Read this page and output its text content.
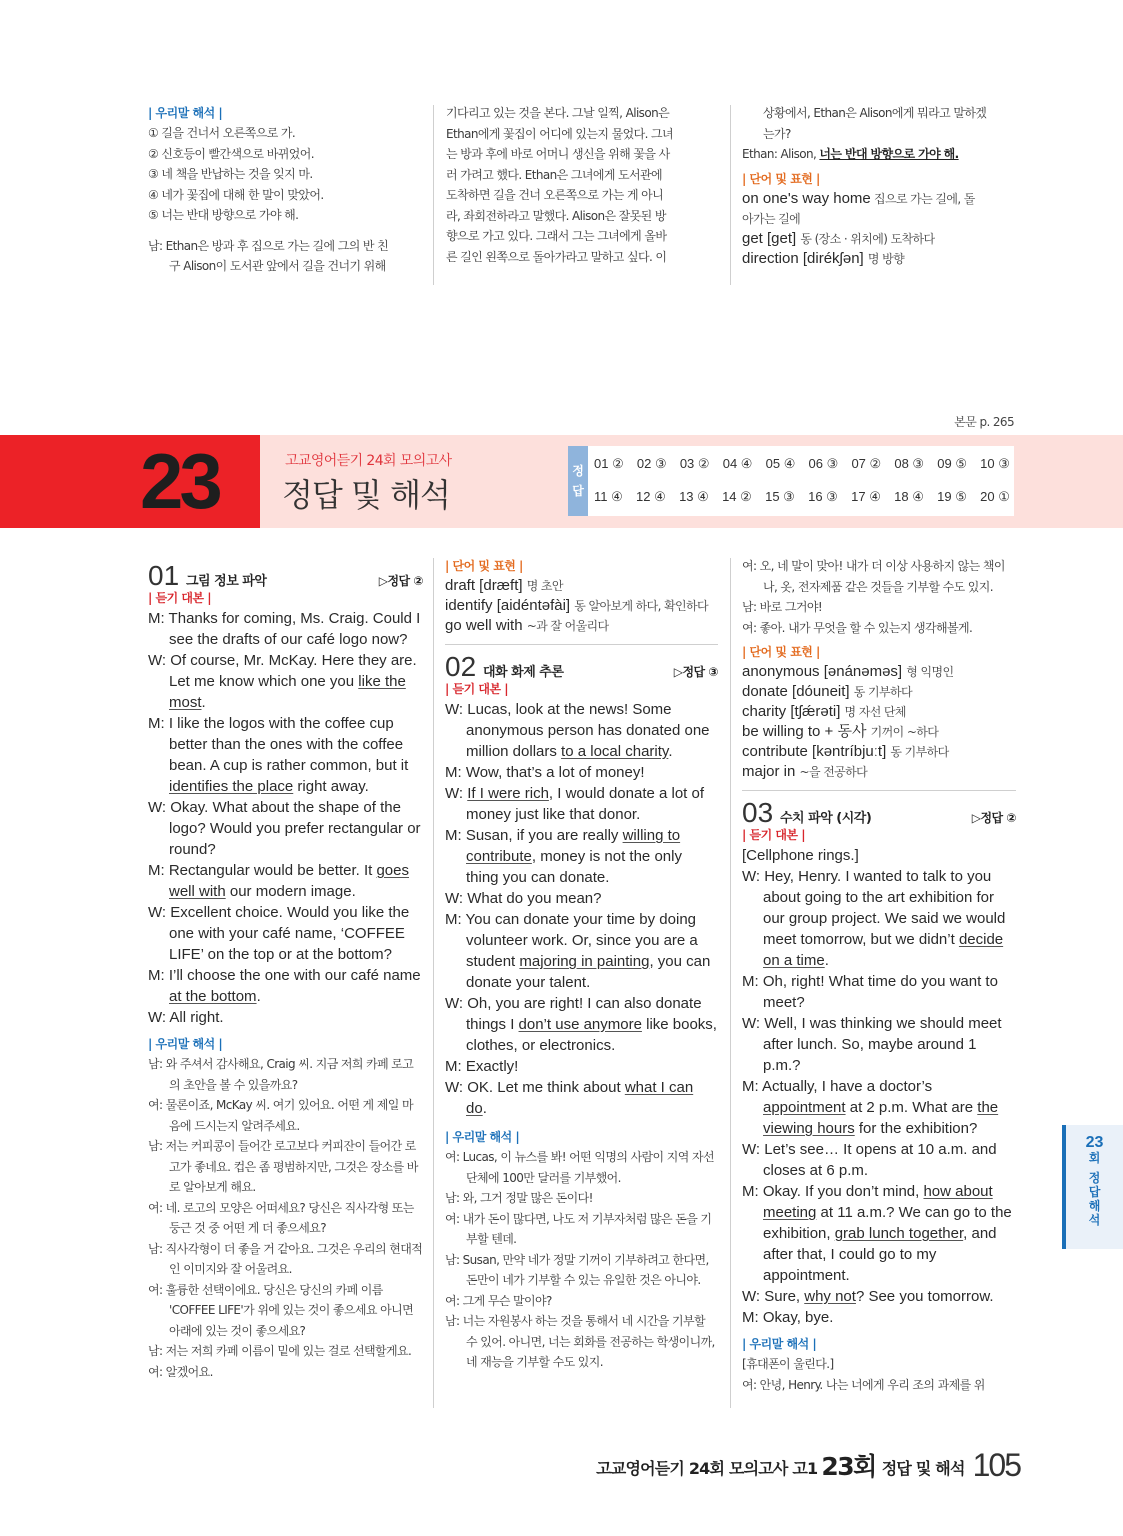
| 우리말 해석 |

① 길을 건너서 오른쪽으로 가.

② 신호등이 빨간색으로 바뀌었어.

③ 네 책을 반납하는 것을 잊지 마.

④ 네가 꽃집에 대해 한 말이 맞았어.

⑤ 너는 반대 방향으로 가야 해.

남: Ethan은 방과 후 집으로 가는 길에 그의 반 친

구 Alison이 도서관 앞에서 길을 건너기 위해

기다리고 있는 것을 본다. 그날 일찍, Alison은

Ethan에게 꽃집이 어디에 있는지 물었다. 그녀

는 방과 후에 바로 어머니 생신을 위해 꽃을 사

러 가려고 했다. Ethan은 그녀에게 도서관에

도착하면 길을 건너 오른쪽으로 가는 게 아니

라, 좌회전하라고 말했다. Alison은 잘못된 방

향으로 가고 있다. 그래서 그는 그녀에게 올바

른 길인 왼쪽으로 돌아가라고 말하고 싶다. 이

상황에서, Ethan은 Alison에게 뭐라고 말하겠

는가?

Ethan: Alison, 너는 반대 방향으로 가야 해.
| 단어 및 표현 |
on one's way home 집으로 가는 길에, 돌
아가는 길에
get [get] 동 (장소 · 위치에) 도착하다
direction [dirékʃən] 명 방향
본문 p. 265
23	고교영어듣기 24회 모의고사
정답 및 해석
정
답
01 ② 02 ③ 03 ② 04 ④ 05 ④ 06 ③ 07 ② 08 ③ 09 ⑤ 10 ③
11 ④ 12 ④ 13 ④ 14 ② 15 ③ 16 ③ 17 ④ 18 ④ 19 ⑤ 20 ①
01 그림 정보 파악	▷정답 ②
| 듣기 대본 |
M: Thanks for coming, Ms. Craig. Could I see the drafts of our café logo now?
W: Of course, Mr. McKay. Here they are. Let me know which one you like the most.
M: I like the logos with the coffee cup better than the ones with the coffee bean. A cup is rather common, but it identifies the place right away.
W: Okay. What about the shape of the logo? Would you prefer rectangular or round?
M: Rectangular would be better. It goes well with our modern image.
W: Excellent choice. Would you like the one with your café name, ‘COFFEE LIFE’ on the top or at the bottom?
M: I’ll choose the one with our café name at the bottom.
W: All right.
| 우리말 해석 |

남: 와 주셔서 감사해요, Craig 씨. 지금 저희 카페 로고의 초안을 볼 수 있을까요?

여: 물론이죠, McKay 씨. 여기 있어요. 어떤 게 제일 마음에 드시는지 알려주세요.

남: 저는 커피콩이 들어간 로고보다 커피잔이 들어간 로고가 좋네요. 컵은 좀 평범하지만, 그것은 장소를 바로 알아보게 해요.

여: 네. 로고의 모양은 어떠세요? 당신은 직사각형 또는 둥근 것 중 어떤 게 더 좋으세요?

남: 직사각형이 더 좋을 거 같아요. 그것은 우리의 현대적인 이미지와 잘 어울려요.

여: 훌륭한 선택이에요. 당신은 당신의 카페 이름 'COFFEE LIFE'가 위에 있는 것이 좋으세요 아니면 아래에 있는 것이 좋으세요?

남: 저는 저희 카페 이름이 밑에 있는 걸로 선택할게요.

여: 알겠어요.

| 단어 및 표현 |
draft [dræft] 명 초안
identify [aidéntəfài] 동 알아보게 하다, 확인하다
go well with ~과 잘 어울리다
02 대화 화제 추론	▷정답 ③
| 듣기 대본 |
W: Lucas, look at the news! Some anonymous person has donated one million dollars to a local charity.
M: Wow, that’s a lot of money!
W: If I were rich, I would donate a lot of money just like that donor.
M: Susan, if you are really willing to contribute, money is not the only thing you can donate.
W: What do you mean?
M: You can donate your time by doing volunteer work. Or, since you are a student majoring in painting, you can donate your talent.
W: Oh, you are right! I can also donate things I don’t use anymore like books, clothes, or electronics.
M: Exactly!
W: OK. Let me think about what I can do.
| 우리말 해석 |

여: Lucas, 이 뉴스를 봐! 어떤 익명의 사람이 지역 자선 단체에 100만 달러를 기부했어.

남: 와, 그거 정말 많은 돈이다!

여: 내가 돈이 많다면, 나도 저 기부자처럼 많은 돈을 기부할 텐데.

남: Susan, 만약 네가 정말 기꺼이 기부하려고 한다면, 돈만이 네가 기부할 수 있는 유일한 것은 아니야.

여: 그게 무슨 말이야?

남: 너는 자원봉사 하는 것을 통해서 네 시간을 기부할 수 있어. 아니면, 너는 회화를 전공하는 학생이니까, 네 재능을 기부할 수도 있지.

여: 오, 네 말이 맞아! 내가 더 이상 사용하지 않는 책이나, 옷, 전자제품 같은 것들을 기부할 수도 있지.

남: 바로 그거야!

여: 좋아. 내가 무엇을 할 수 있는지 생각해볼게.

| 단어 및 표현 |
anonymous [ənánəməs] 형 익명인
donate [dóuneit] 동 기부하다
charity [tʃǽrəti] 명 자선 단체
be willing to + 동사 기꺼이 ~하다
contribute [kəntríbjuːt] 동 기부하다
major in ~을 전공하다
03 수치 파악 (시각)	▷정답 ②
| 듣기 대본 |
[Cellphone rings.]
W: Hey, Henry. I wanted to talk to you about going to the art exhibition for our group project. We said we would meet tomorrow, but we didn’t decide on a time.
M: Oh, right! What time do you want to meet?
W: Well, I was thinking we should meet after lunch. So, maybe around 1 p.m.?
M: Actually, I have a doctor’s appointment at 2 p.m. What are the viewing hours for the exhibition?
W: Let’s see… It opens at 10 a.m. and closes at 6 p.m.
M: Okay. If you don’t mind, how about meeting at 11 a.m.? We can go to the exhibition, grab lunch together, and after that, I could go to my appointment.
W: Sure, why not? See you tomorrow.
M: Okay, bye.
| 우리말 해석 |

[휴대폰이 울린다.]

여: 안녕, Henry. 나는 너에게 우리 조의 과제를 위

23
회
정
답
해
석
고교영어듣기 24회 모의고사 고1 23회 정답 및 해석 105
